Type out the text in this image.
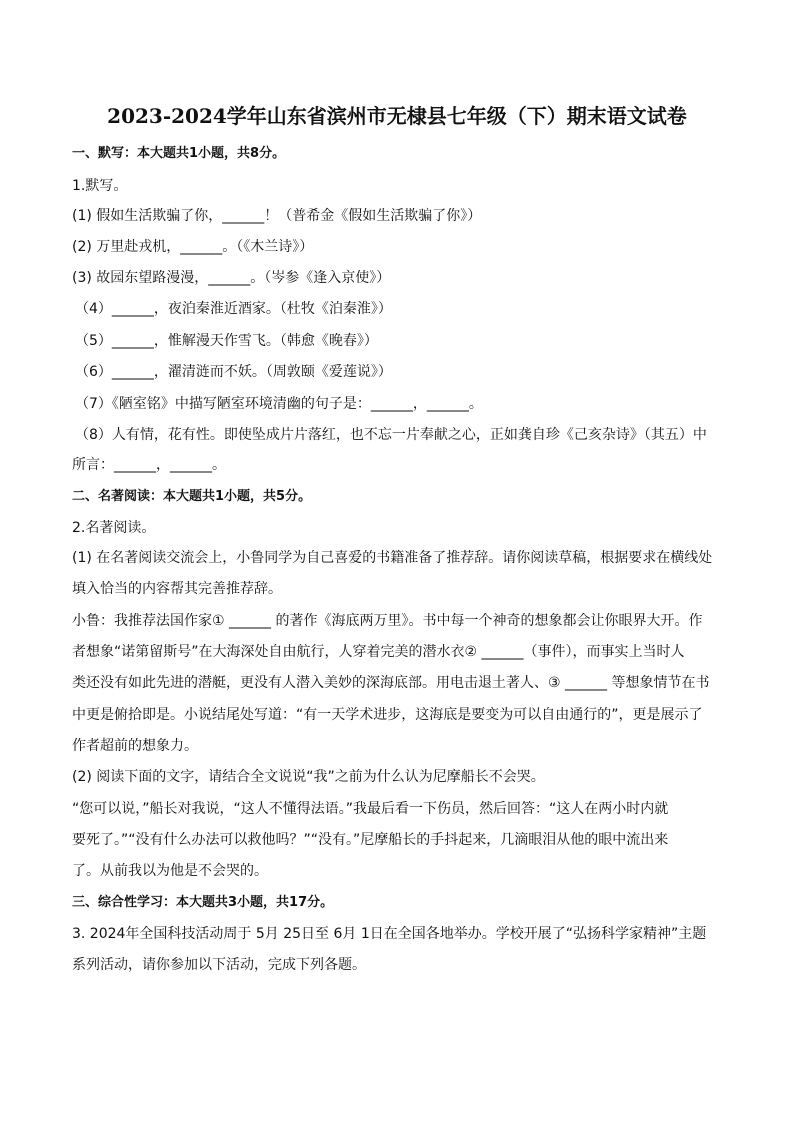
2023-2024学年山东省滨州市无棣县七年级（下）期末语文试卷

一、默写：本大题共1小题，共8分。

1.默写。

(1) 假如生活欺骗了你，______！（普希金《假如生活欺骗了你》）

(2) 万里赴戎机，______。（《木兰诗》）

(3) 故园东望路漫漫，______。（岑参《逢入京使》）

（4）______，夜泊秦淮近酒家。（杜牧《泊秦淮》）

（5）______，惟解漫天作雪飞。（韩愈《晚春》）

（6）______，濯清涟而不妖。（周敦颐《爱莲说》）

（7）《陋室铭》中描写陋室环境清幽的句子是：______，______。

（8）人有情，花有性。即使坠成片片落红，也不忘一片奉献之心，正如龚自珍《己亥杂诗》（其五）中

所言：______，______。

二、名著阅读：本大题共1小题，共5分。

2.名著阅读。

(1) 在名著阅读交流会上，小鲁同学为自己喜爱的书籍准备了推荐辞。请你阅读草稿，根据要求在横线处

填入恰当的内容帮其完善推荐辞。

小鲁：我推荐法国作家① ______ 的著作《海底两万里》。书中每一个神奇的想象都会让你眼界大开。作

者想象“诺第留斯号”在大海深处自由航行，人穿着完美的潜水衣② ______（事件），而事实上当时人

类还没有如此先进的潜艇，更没有人潜入美妙的深海底部。用电击退土著人、③ ______ 等想象情节在书

中更是俯拾即是。小说结尾处写道：“有一天学术进步，这海底是要变为可以自由通行的”，更是展示了

作者超前的想象力。

(2) 阅读下面的文字，请结合全文说说“我”之前为什么认为尼摩船长不会哭。

“您可以说，”船长对我说，“这人不懂得法语。”我最后看一下伤员，然后回答：“这人在两小时内就

要死了。”“没有什么办法可以救他吗？”“没有。”尼摩船长的手抖起来，几滴眼泪从他的眼中流出来

了。从前我以为他是不会哭的。

三、综合性学习：本大题共3小题，共17分。

3. 2024年全国科技活动周于 5月 25日至 6月 1日在全国各地举办。学校开展了“弘扬科学家精神”主题

系列活动，请你参加以下活动，完成下列各题。
